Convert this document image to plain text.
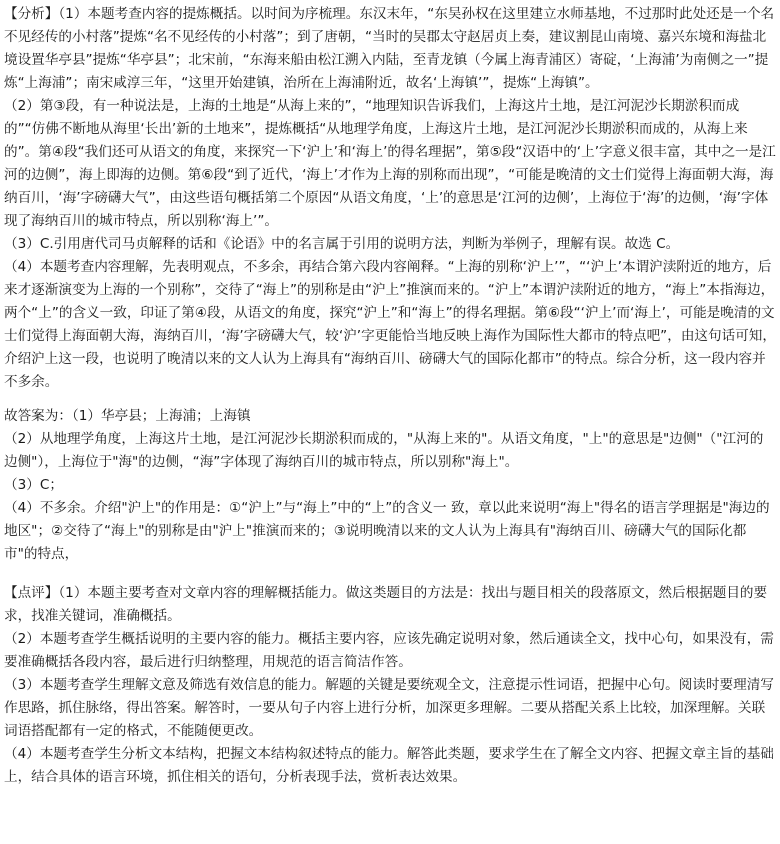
【分析】（1）本题考查内容的提炼概括。以时间为序梳理。东汉末年，“东吴孙权在这里建立水师基地，不过那时此处还是一个名不见经传的小村落”提炼“名不见经传的小村落”；到了唐朝，“当时的吴郡太守赵居贞上奏，建议割昆山南境、嘉兴东境和海盐北境设置华亭县”提炼“华亭县”；北宋前，“东海来船由松江溯入内陆，至青龙镇（今属上海青浦区）寄碇，‘上海浦’为南侧之一”提炼“上海浦”；南宋咸淳三年，“这里开始建镇，治所在上海浦附近，故名‘上海镇’”，提炼“上海镇”。

（2）第③段，有一种说法是，上海的土地是“从海上来的”，“地理知识告诉我们，上海这片土地，是江河泥沙长期淤积而成的”“仿佛不断地从海里‘长出’新的土地来”，提炼概括“从地理学角度，上海这片土地，是江河泥沙长期淤积而成的，从海上来的”。第④段“我们还可从语文的角度，来探究一下‘沪上’和‘海上’的得名理据”，第⑤段“汉语中的‘上’字意义很丰富，其中之一是江河的边侧”，海上即海的边侧。第⑥段“到了近代，‘海上’才作为上海的别称而出现”，“可能是晚清的文士们觉得上海面朝大海，海纳百川，‘海’字磅礴大气”，由这些语句概括第二个原因“从语文角度，‘上’的意思是‘江河的边侧’，上海位于‘海’的边侧，‘海’字体现了海纳百川的城市特点，所以别称‘海上’”。

（3）C.引用唐代司马贞解释的话和《论语》中的名言属于引用的说明方法，判断为举例子，理解有误。故选 C。

（4）本题考查内容理解，先表明观点，不多余，再结合第六段内容阐释。“上海的别称‘沪上’”，“‘沪上’本谓沪渎附近的地方，后来才逐渐演变为上海的一个别称”，交待了“海上”的别称是由“沪上”推演而来的。“沪上”本谓沪渎附近的地方，“海上”本指海边，两个“上”的含义一致，印证了第④段，从语文的角度，探究“沪上”和“海上”的得名理据。第⑥段“‘沪上’而‘海上’，可能是晚清的文士们觉得上海面朝大海，海纳百川，‘海’字磅礴大气，较‘沪’字更能恰当地反映上海作为国际性大都市的特点吧”，由这句话可知，介绍沪上这一段，也说明了晚清以来的文人认为上海具有“海纳百川、磅礴大气的国际化都市”的特点。综合分析，这一段内容并不多余。

故答案为：（1）华亭县；上海浦；上海镇

（2）从地理学角度，上海这片土地，是江河泥沙长期淤积而成的，"从海上来的"。从语文角度，"上"的意思是"边侧"（"江河的边侧"），上海位于"海"的边侧，“海”字体现了海纳百川的城市特点，所以别称"海上"。

（3）C；

（4）不多余。介绍"沪上"的作用是：①“沪上”与“海上”中的“上”的含义一 致，章以此来说明“海上"得名的语言学理据是"海边的地区"；②交待了“海上"的别称是由"沪上"推演而来的；③说明晚清以来的文人认为上海具有"海纳百川、磅礴大气的国际化都市"的特点，

【点评】（1）本题主要考查对文章内容的理解概括能力。做这类题目的方法是：找出与题目相关的段落原文，然后根据题目的要求，找准关键词，准确概括。

（2）本题考查学生概括说明的主要内容的能力。概括主要内容，应该先确定说明对象，然后通读全文，找中心句，如果没有，需要准确概括各段内容，最后进行归纳整理，用规范的语言简洁作答。

（3）本题考查学生理解文意及筛选有效信息的能力。解题的关键是要统观全文，注意提示性词语，把握中心句。阅读时要理清写作思路，抓住脉络，得出答案。解答时，一要从句子内容上进行分析，加深更多理解。二要从搭配关系上比较，加深理解。关联词语搭配都有一定的格式，不能随便更改。

（4）本题考查学生分析文本结构，把握文本结构叙述特点的能力。解答此类题，要求学生在了解全文内容、把握文章主旨的基础上，结合具体的语言环境，抓住相关的语句，分析表现手法，赏析表达效果。
